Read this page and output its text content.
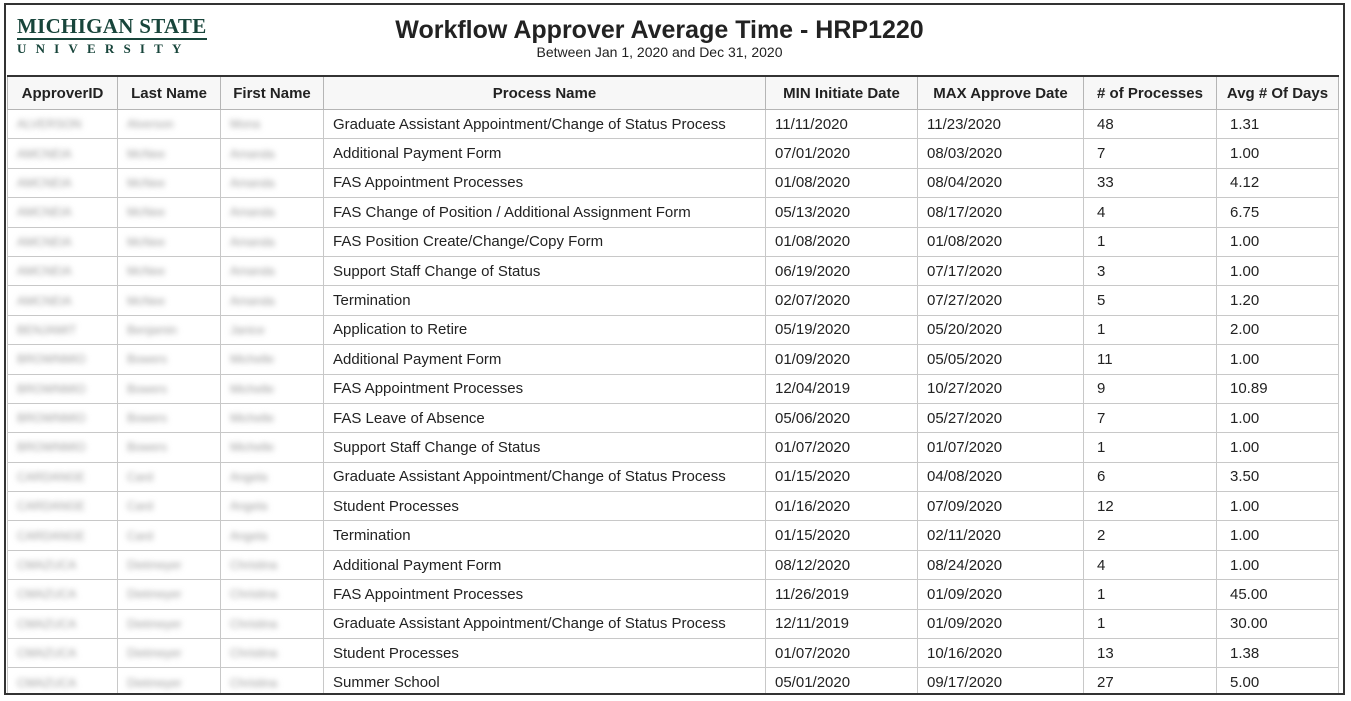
MICHIGAN STATE
UNIVERSITY
Workflow Approver Average Time - HRP1220
Between Jan 1, 2020 and Dec 31, 2020
ApproverID	Last Name	First Name	Process Name	MIN Initiate Date	MAX Approve Date	# of Processes	Avg # Of Days
ALVERSON	Alverson	Mona	Graduate Assistant Appointment/Change of Status Process	11/11/2020	11/23/2020	48	1.31
AMCNEIA	McNee	Amanda	Additional Payment Form	07/01/2020	08/03/2020	7	1.00
AMCNEIA	McNee	Amanda	FAS Appointment Processes	01/08/2020	08/04/2020	33	4.12
AMCNEIA	McNee	Amanda	FAS Change of Position / Additional Assignment Form	05/13/2020	08/17/2020	4	6.75
AMCNEIA	McNee	Amanda	FAS Position Create/Change/Copy Form	01/08/2020	01/08/2020	1	1.00
AMCNEIA	McNee	Amanda	Support Staff Change of Status	06/19/2020	07/17/2020	3	1.00
AMCNEIA	McNee	Amanda	Termination	02/07/2020	07/27/2020	5	1.20
BENJAMIT	Benjamin	Janice	Application to Retire	05/19/2020	05/20/2020	1	2.00
BROWNMIO	Bowers	Michelle	Additional Payment Form	01/09/2020	05/05/2020	11	1.00
BROWNMIO	Bowers	Michelle	FAS Appointment Processes	12/04/2019	10/27/2020	9	10.89
BROWNMIO	Bowers	Michelle	FAS Leave of Absence	05/06/2020	05/27/2020	7	1.00
BROWNMIO	Bowers	Michelle	Support Staff Change of Status	01/07/2020	01/07/2020	1	1.00
CARDANGE	Card	Angela	Graduate Assistant Appointment/Change of Status Process	01/15/2020	04/08/2020	6	3.50
CARDANGE	Card	Angela	Student Processes	01/16/2020	07/09/2020	12	1.00
CARDANGE	Card	Angela	Termination	01/15/2020	02/11/2020	2	1.00
CMAZUCA	Dietmeyer	Christina	Additional Payment Form	08/12/2020	08/24/2020	4	1.00
CMAZUCA	Dietmeyer	Christina	FAS Appointment Processes	11/26/2019	01/09/2020	1	45.00
CMAZUCA	Dietmeyer	Christina	Graduate Assistant Appointment/Change of Status Process	12/11/2019	01/09/2020	1	30.00
CMAZUCA	Dietmeyer	Christina	Student Processes	01/07/2020	10/16/2020	13	1.38
CMAZUCA	Dietmeyer	Christina	Summer School	05/01/2020	09/17/2020	27	5.00
